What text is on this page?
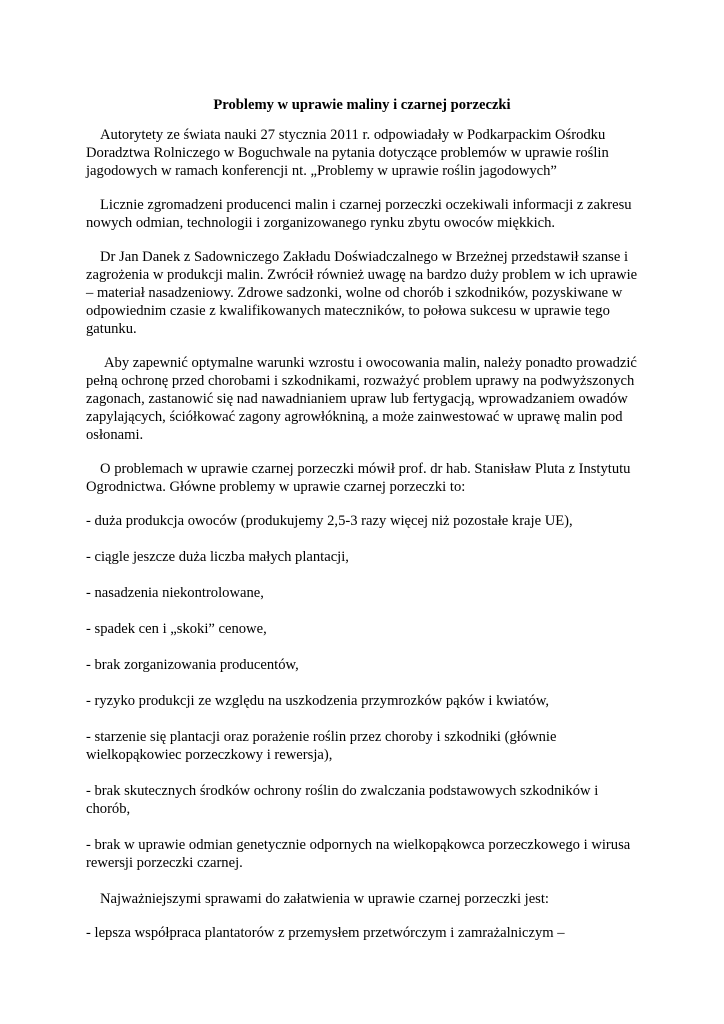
Problemy w uprawie maliny i czarnej porzeczki

Autorytety ze świata nauki 27 stycznia 2011 r. odpowiadały w Podkarpackim Ośrodku Doradztwa Rolniczego w Boguchwale na pytania dotyczące problemów w uprawie roślin jagodowych w ramach konferencji nt. „Problemy w uprawie roślin jagodowych”

Licznie zgromadzeni producenci malin i czarnej porzeczki oczekiwali informacji z zakresu nowych odmian, technologii i zorganizowanego rynku zbytu owoców miękkich.

Dr Jan Danek z Sadowniczego Zakładu Doświadczalnego w Brzeżnej przedstawił szanse i zagrożenia w produkcji malin. Zwrócił również uwagę na bardzo duży problem w ich uprawie – materiał nasadzeniowy. Zdrowe sadzonki, wolne od chorób i szkodników, pozyskiwane w odpowiednim czasie z kwalifikowanych mateczników, to połowa sukcesu w uprawie tego gatunku.

Aby zapewnić optymalne warunki wzrostu i owocowania malin, należy ponadto prowadzić pełną ochronę przed chorobami i szkodnikami, rozważyć problem uprawy na podwyższonych zagonach, zastanowić się nad nawadnianiem upraw lub fertygacją, wprowadzaniem owadów zapylających, ściółkować zagony agrowłókniną, a może zainwestować w uprawę malin pod osłonami.

O problemach w uprawie czarnej porzeczki mówił prof. dr hab. Stanisław Pluta z Instytutu Ogrodnictwa. Główne problemy w uprawie czarnej porzeczki to:

- duża produkcja owoców (produkujemy 2,5-3 razy więcej niż pozostałe kraje UE),
- ciągle jeszcze duża liczba małych plantacji,
- nasadzenia niekontrolowane,
- spadek cen i „skoki” cenowe,
- brak zorganizowania producentów,
- ryzyko produkcji ze względu na uszkodzenia przymrozków pąków i kwiatów,
- starzenie się plantacji oraz porażenie roślin przez choroby i szkodniki (głównie wielkopąkowiec porzeczkowy i rewersja),
- brak skutecznych środków ochrony roślin do zwalczania podstawowych szkodników i chorób,
- brak w uprawie odmian genetycznie odpornych na wielkopąkowca porzeczkowego i wirusa rewersji porzeczki czarnej.

Najważniejszymi sprawami do załatwienia w uprawie czarnej porzeczki jest:

- lepsza współpraca plantatorów z przemysłem przetwórczym i zamrażalniczym –
